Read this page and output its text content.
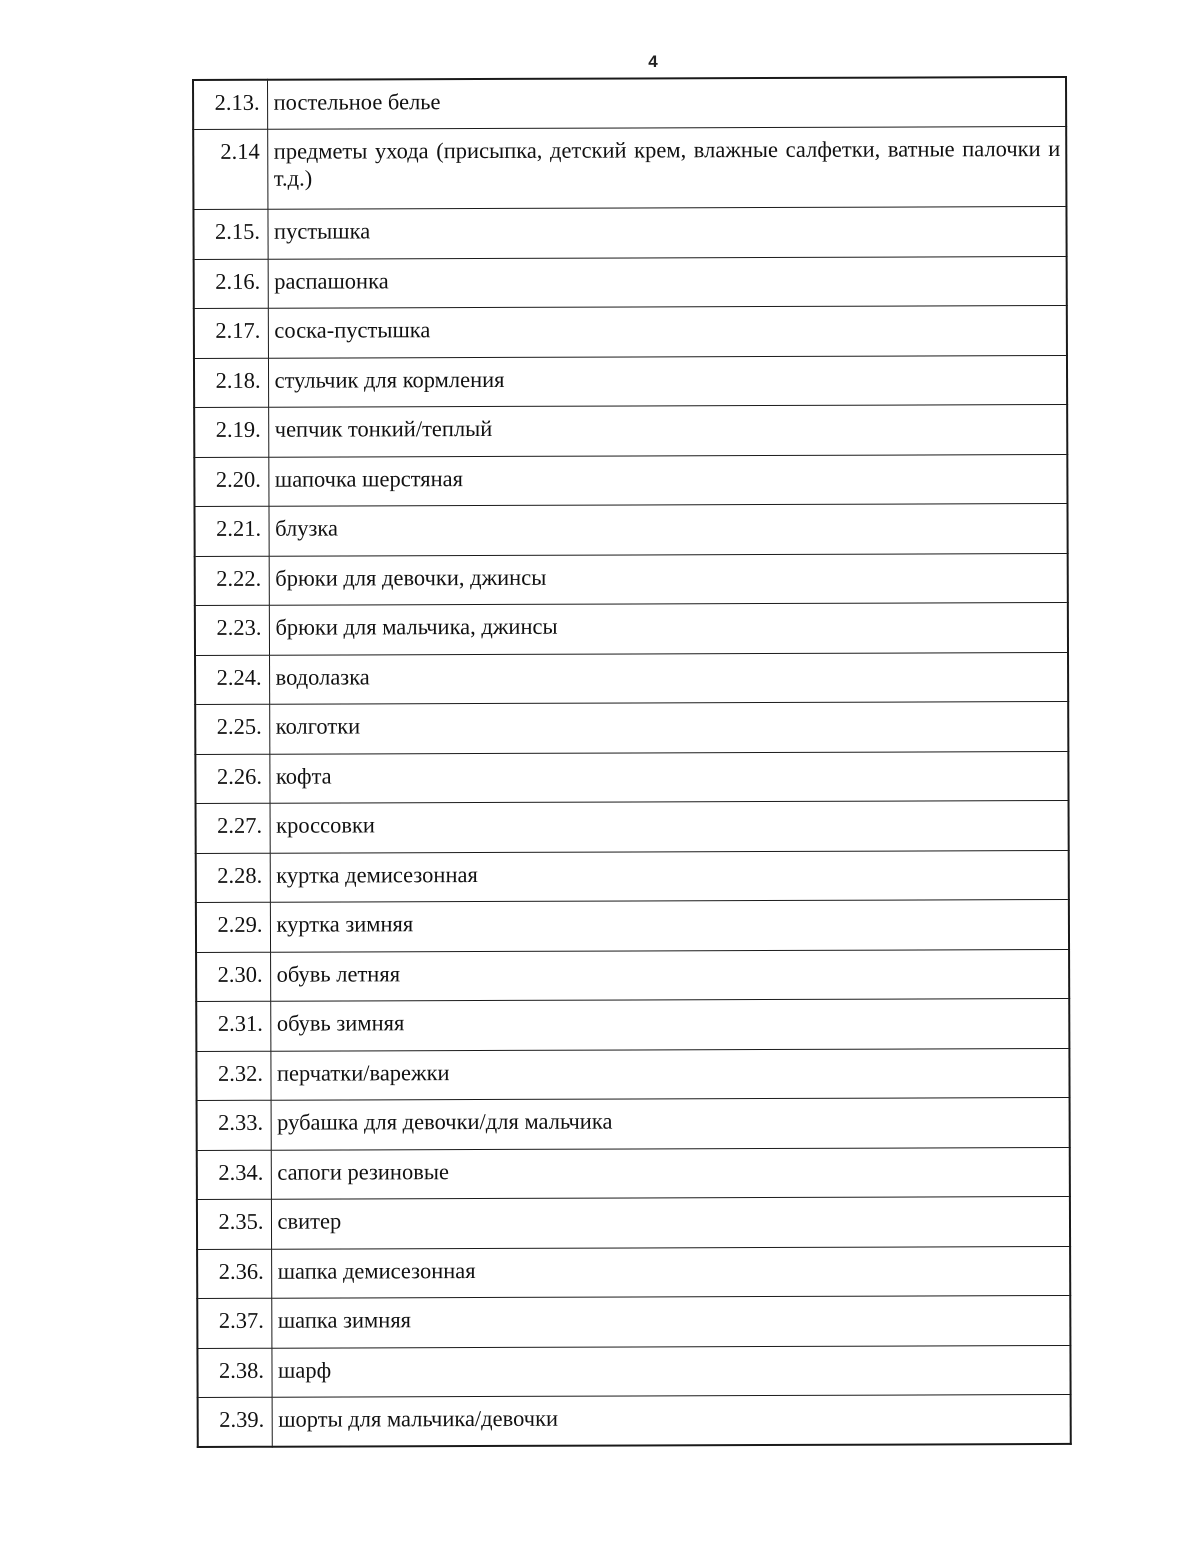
4
2.13.	постельное белье
2.14	предметы ухода (присыпка, детский крем, влажные салфетки, ватные палочки и т.д.)
2.15.	пустышка
2.16.	распашонка
2.17.	соска-пустышка
2.18.	стульчик для кормления
2.19.	чепчик тонкий/теплый
2.20.	шапочка шерстяная
2.21.	блузка
2.22.	брюки для девочки, джинсы
2.23.	брюки для мальчика, джинсы
2.24.	водолазка
2.25.	колготки
2.26.	кофта
2.27.	кроссовки
2.28.	куртка демисезонная
2.29.	куртка зимняя
2.30.	обувь летняя
2.31.	обувь зимняя
2.32.	перчатки/варежки
2.33.	рубашка для девочки/для мальчика
2.34.	сапоги резиновые
2.35.	свитер
2.36.	шапка демисезонная
2.37.	шапка зимняя
2.38.	шарф
2.39.	шорты для мальчика/девочки
